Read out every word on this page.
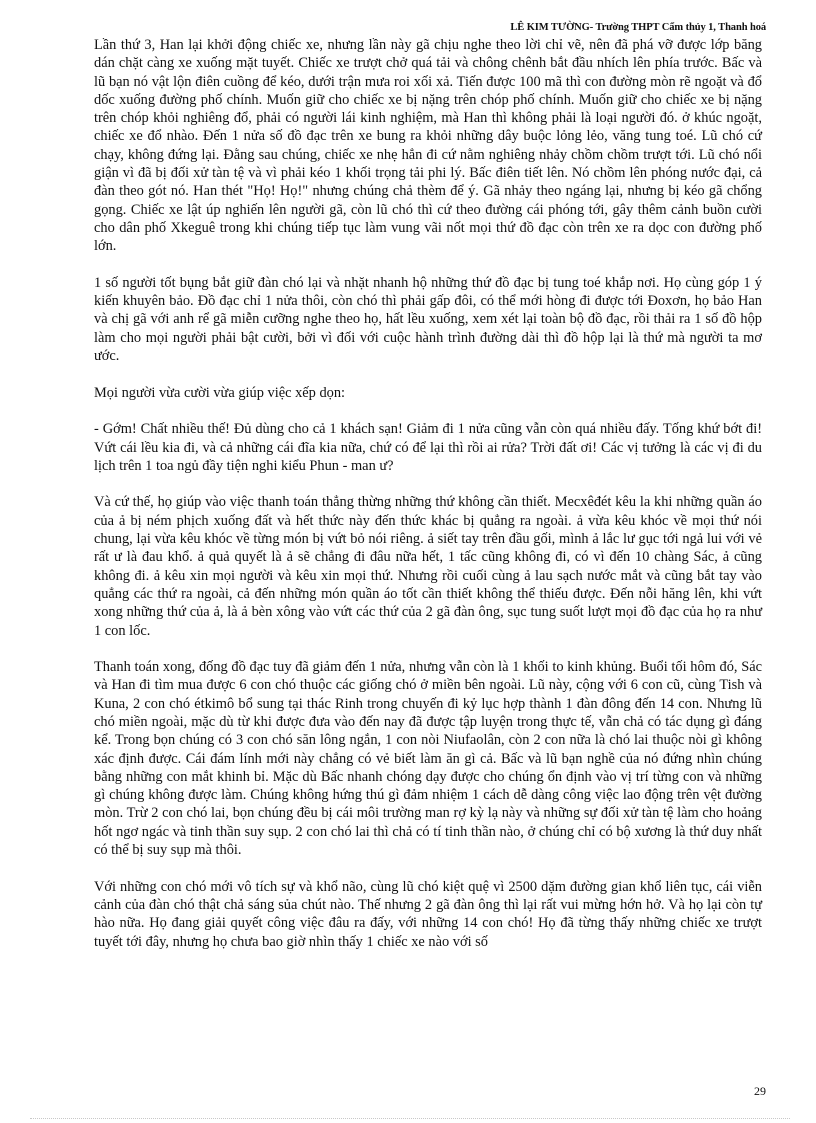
LÊ KIM TƯỜNG- Trường THPT Cẩm thủy 1, Thanh hoá

Lần thứ 3, Han lại khởi động chiếc xe, nhưng lần này gã chịu nghe theo lời chỉ vẽ, nên đã phá vỡ được lớp băng dán chặt càng xe xuống mặt tuyết. Chiếc xe trượt chở quá tải và chông chênh bắt đầu nhích lên phía trước. Bấc và lũ bạn nó vật lộn điên cuồng để kéo, dưới trận mưa roi xối xả. Tiến được 100 mã thì con đường mòn rẽ ngoặt và đổ dốc xuống đường phố chính. Muốn giữ cho chiếc xe bị nặng trên chóp phố chính. Muốn giữ cho chiếc xe bị nặng trên chóp khỏi nghiêng đổ, phải có người lái kinh nghiệm, mà Han thì không phải là loại người đó. ở khúc ngoặt, chiếc xe đổ nhào. Đến 1 nửa số đồ đạc trên xe bung ra khỏi những dây buộc lỏng lẻo, văng tung toé. Lũ chó cứ chạy, không đứng lại. Đằng sau chúng, chiếc xe nhẹ hẳn đi cứ nằm nghiêng nhảy chồm chồm trượt tới. Lũ chó nổi giận vì đã bị đối xử tàn tệ và vì phải kéo 1 khối trọng tải phi lý. Bấc điên tiết lên. Nó chồm lên phóng nước đại, cả đàn theo gót nó. Han thét "Họ! Họ!" nhưng chúng chả thèm để ý. Gã nhảy theo ngáng lại, nhưng bị kéo gã chổng gọng. Chiếc xe lật úp nghiến lên người gã, còn lũ chó thì cứ theo đường cái phóng tới, gây thêm cảnh buồn cười cho dân phố Xkeguê trong khi chúng tiếp tục làm vung vãi nốt mọi thứ đồ đạc còn trên xe ra dọc con đường phố lớn.

1 số người tốt bụng bắt giữ đàn chó lại và nhặt nhanh hộ những thứ đồ đạc bị tung toé khắp nơi. Họ cùng góp 1 ý kiến khuyên bảo. Đồ đạc chỉ 1 nửa thôi, còn chó thì phải gấp đôi, có thể mới hòng đi được tới Đoxơn, họ bảo Han và chị gã với anh rể gã miễn cưỡng nghe theo họ, hất lều xuống, xem xét lại toàn bộ đồ đạc, rồi thải ra 1 số đồ hộp làm cho mọi người phải bật cười, bởi vì đối với cuộc hành trình đường dài thì đồ hộp lại là thứ mà người ta mơ ước.

Mọi người vừa cười vừa giúp việc xếp dọn:

- Gớm! Chất nhiều thế! Đủ dùng cho cả 1 khách sạn! Giảm đi 1 nửa cũng vẫn còn quá nhiều đấy. Tống khứ bớt đi! Vứt cái lều kia đi, và cả những cái đĩa kia nữa, chứ có để lại thì rồi ai rửa? Trời đất ơi! Các vị tưởng là các vị đi du lịch trên 1 toa ngủ đầy tiện nghi kiểu Phun - man ư?

Và cứ thế, họ giúp vào việc thanh toán thẳng thừng những thứ không cần thiết. Mecxêđét kêu la khi những quần áo của ả bị ném phịch xuống đất và hết thức này đến thức khác bị quẳng ra ngoài. ả vừa kêu khóc về mọi thứ nói chung, lại vừa kêu khóc về từng món bị vứt bỏ nói riêng. ả siết tay trên đầu gối, mình ả lắc lư gục tới ngả lui với vẻ rất ư là đau khổ. ả quả quyết là ả sẽ chẳng đi đâu nữa hết, 1 tấc cũng không đi, có vì đến 10 chàng Sác, ả cũng không đi. ả kêu xin mọi người và kêu xin mọi thứ. Nhưng rồi cuối cùng ả lau sạch nước mắt và cũng bắt tay vào quẳng các thứ ra ngoài, cả đến những món quần áo tốt cần thiết không thể thiếu được. Đến nỗi hăng lên, khi vứt xong những thứ của ả, là ả bèn xông vào vứt các thứ của 2 gã đàn ông, sục tung suốt lượt mọi đồ đạc của họ ra như 1 con lốc.

Thanh toán xong, đống đồ đạc tuy đã giảm đến 1 nửa, nhưng vẫn còn là 1 khối to kinh khủng. Buổi tối hôm đó, Sác và Han đi tìm mua được 6 con chó thuộc các giống chó ở miền bên ngoài. Lũ này, cộng với 6 con cũ, cùng Tish và Kuna, 2 con chó étkimô bổ sung tại thác Rinh trong chuyến đi kỷ lục hợp thành 1 đàn đông đến 14 con. Nhưng lũ chó miền ngoài, mặc dù từ khi được đưa vào đến nay đã được tập luyện trong thực tế, vẫn chả có tác dụng gì đáng kể. Trong bọn chúng có 3 con chó săn lông ngắn, 1 con nòi Niufaolân, còn 2 con nữa là chó lai thuộc nòi gì không xác định được. Cái đám lính mới này chẳng có vẻ biết làm ăn gì cả. Bấc và lũ bạn nghề của nó đứng nhìn chúng bằng những con mắt khinh bỉ. Mặc dù Bấc nhanh chóng dạy được cho chúng ổn định vào vị trí từng con và những gì chúng không được làm. Chúng không hứng thú gì đảm nhiệm 1 cách dễ dàng công việc lao động trên vệt đường mòn. Trừ 2 con chó lai, bọn chúng đều bị cái môi trường man rợ kỳ lạ này và những sự đối xử tàn tệ làm cho hoảng hốt ngơ ngác và tinh thần suy sụp. 2 con chó lai thì chả có tí tinh thần nào, ở chúng chỉ có bộ xương là thứ duy nhất có thể bị suy sụp mà thôi.

Với những con chó mới vô tích sự và khổ não, cùng lũ chó kiệt quệ vì 2500 dặm đường gian khổ liên tục, cái viễn cảnh của đàn chó thật chả sáng sủa chút nào. Thế nhưng 2 gã đàn ông thì lại rất vui mừng hớn hở. Và họ lại còn tự hào nữa. Họ đang giải quyết công việc đâu ra đấy, với những 14 con chó! Họ đã từng thấy những chiếc xe trượt tuyết tới đây, nhưng họ chưa bao giờ nhìn thấy 1 chiếc xe nào với số

29
